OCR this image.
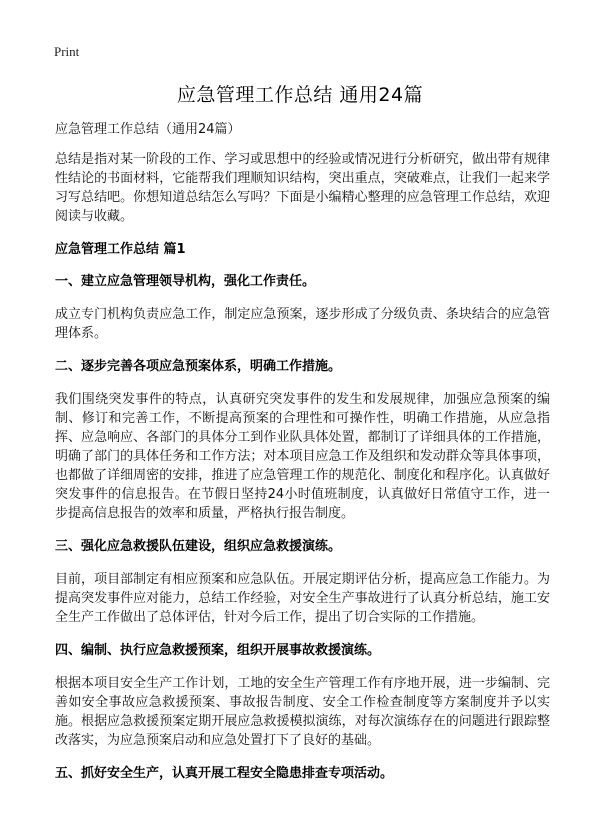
Print
应急管理工作总结 通用24篇

应急管理工作总结（通用24篇）

总结是指对某一阶段的工作、学习或思想中的经验或情况进行分析研究，做出带有规律性结论的书面材料，它能帮我们理顺知识结构，突出重点，突破难点，让我们一起来学习写总结吧。你想知道总结怎么写吗？下面是小编精心整理的应急管理工作总结，欢迎阅读与收藏。

应急管理工作总结 篇1

一、建立应急管理领导机构，强化工作责任。

成立专门机构负责应急工作，制定应急预案，逐步形成了分级负责、条块结合的应急管理体系。

二、逐步完善各项应急预案体系，明确工作措施。

我们围绕突发事件的特点，认真研究突发事件的发生和发展规律，加强应急预案的编制、修订和完善工作，不断提高预案的合理性和可操作性，明确工作措施，从应急指挥、应急响应、各部门的具体分工到作业队具体处置，都制订了详细具体的工作措施，明确了部门的具体任务和工作方法；对本项目应急工作及组织和发动群众等具体事项，也都做了详细周密的安排，推进了应急管理工作的规范化、制度化和程序化。认真做好突发事件的信息报告。在节假日坚持24小时值班制度，认真做好日常值守工作，进一步提高信息报告的效率和质量，严格执行报告制度。

三、强化应急救援队伍建设，组织应急救援演练。

目前，项目部制定有相应预案和应急队伍。开展定期评估分析，提高应急工作能力。为提高突发事件应对能力，总结工作经验，对安全生产事故进行了认真分析总结，施工安全生产工作做出了总体评估，针对今后工作，提出了切合实际的工作措施。

四、编制、执行应急救援预案，组织开展事故救援演练。

根据本项目安全生产工作计划，工地的安全生产管理工作有序地开展，进一步编制、完善如安全事故应急救援预案、事故报告制度、安全工作检查制度等方案制度并予以实施。根据应急救援预案定期开展应急救援模拟演练，对每次演练存在的问题进行跟踪整改落实，为应急预案启动和应急处置打下了良好的基础。

五、抓好安全生产，认真开展工程安全隐患排查专项活动。
